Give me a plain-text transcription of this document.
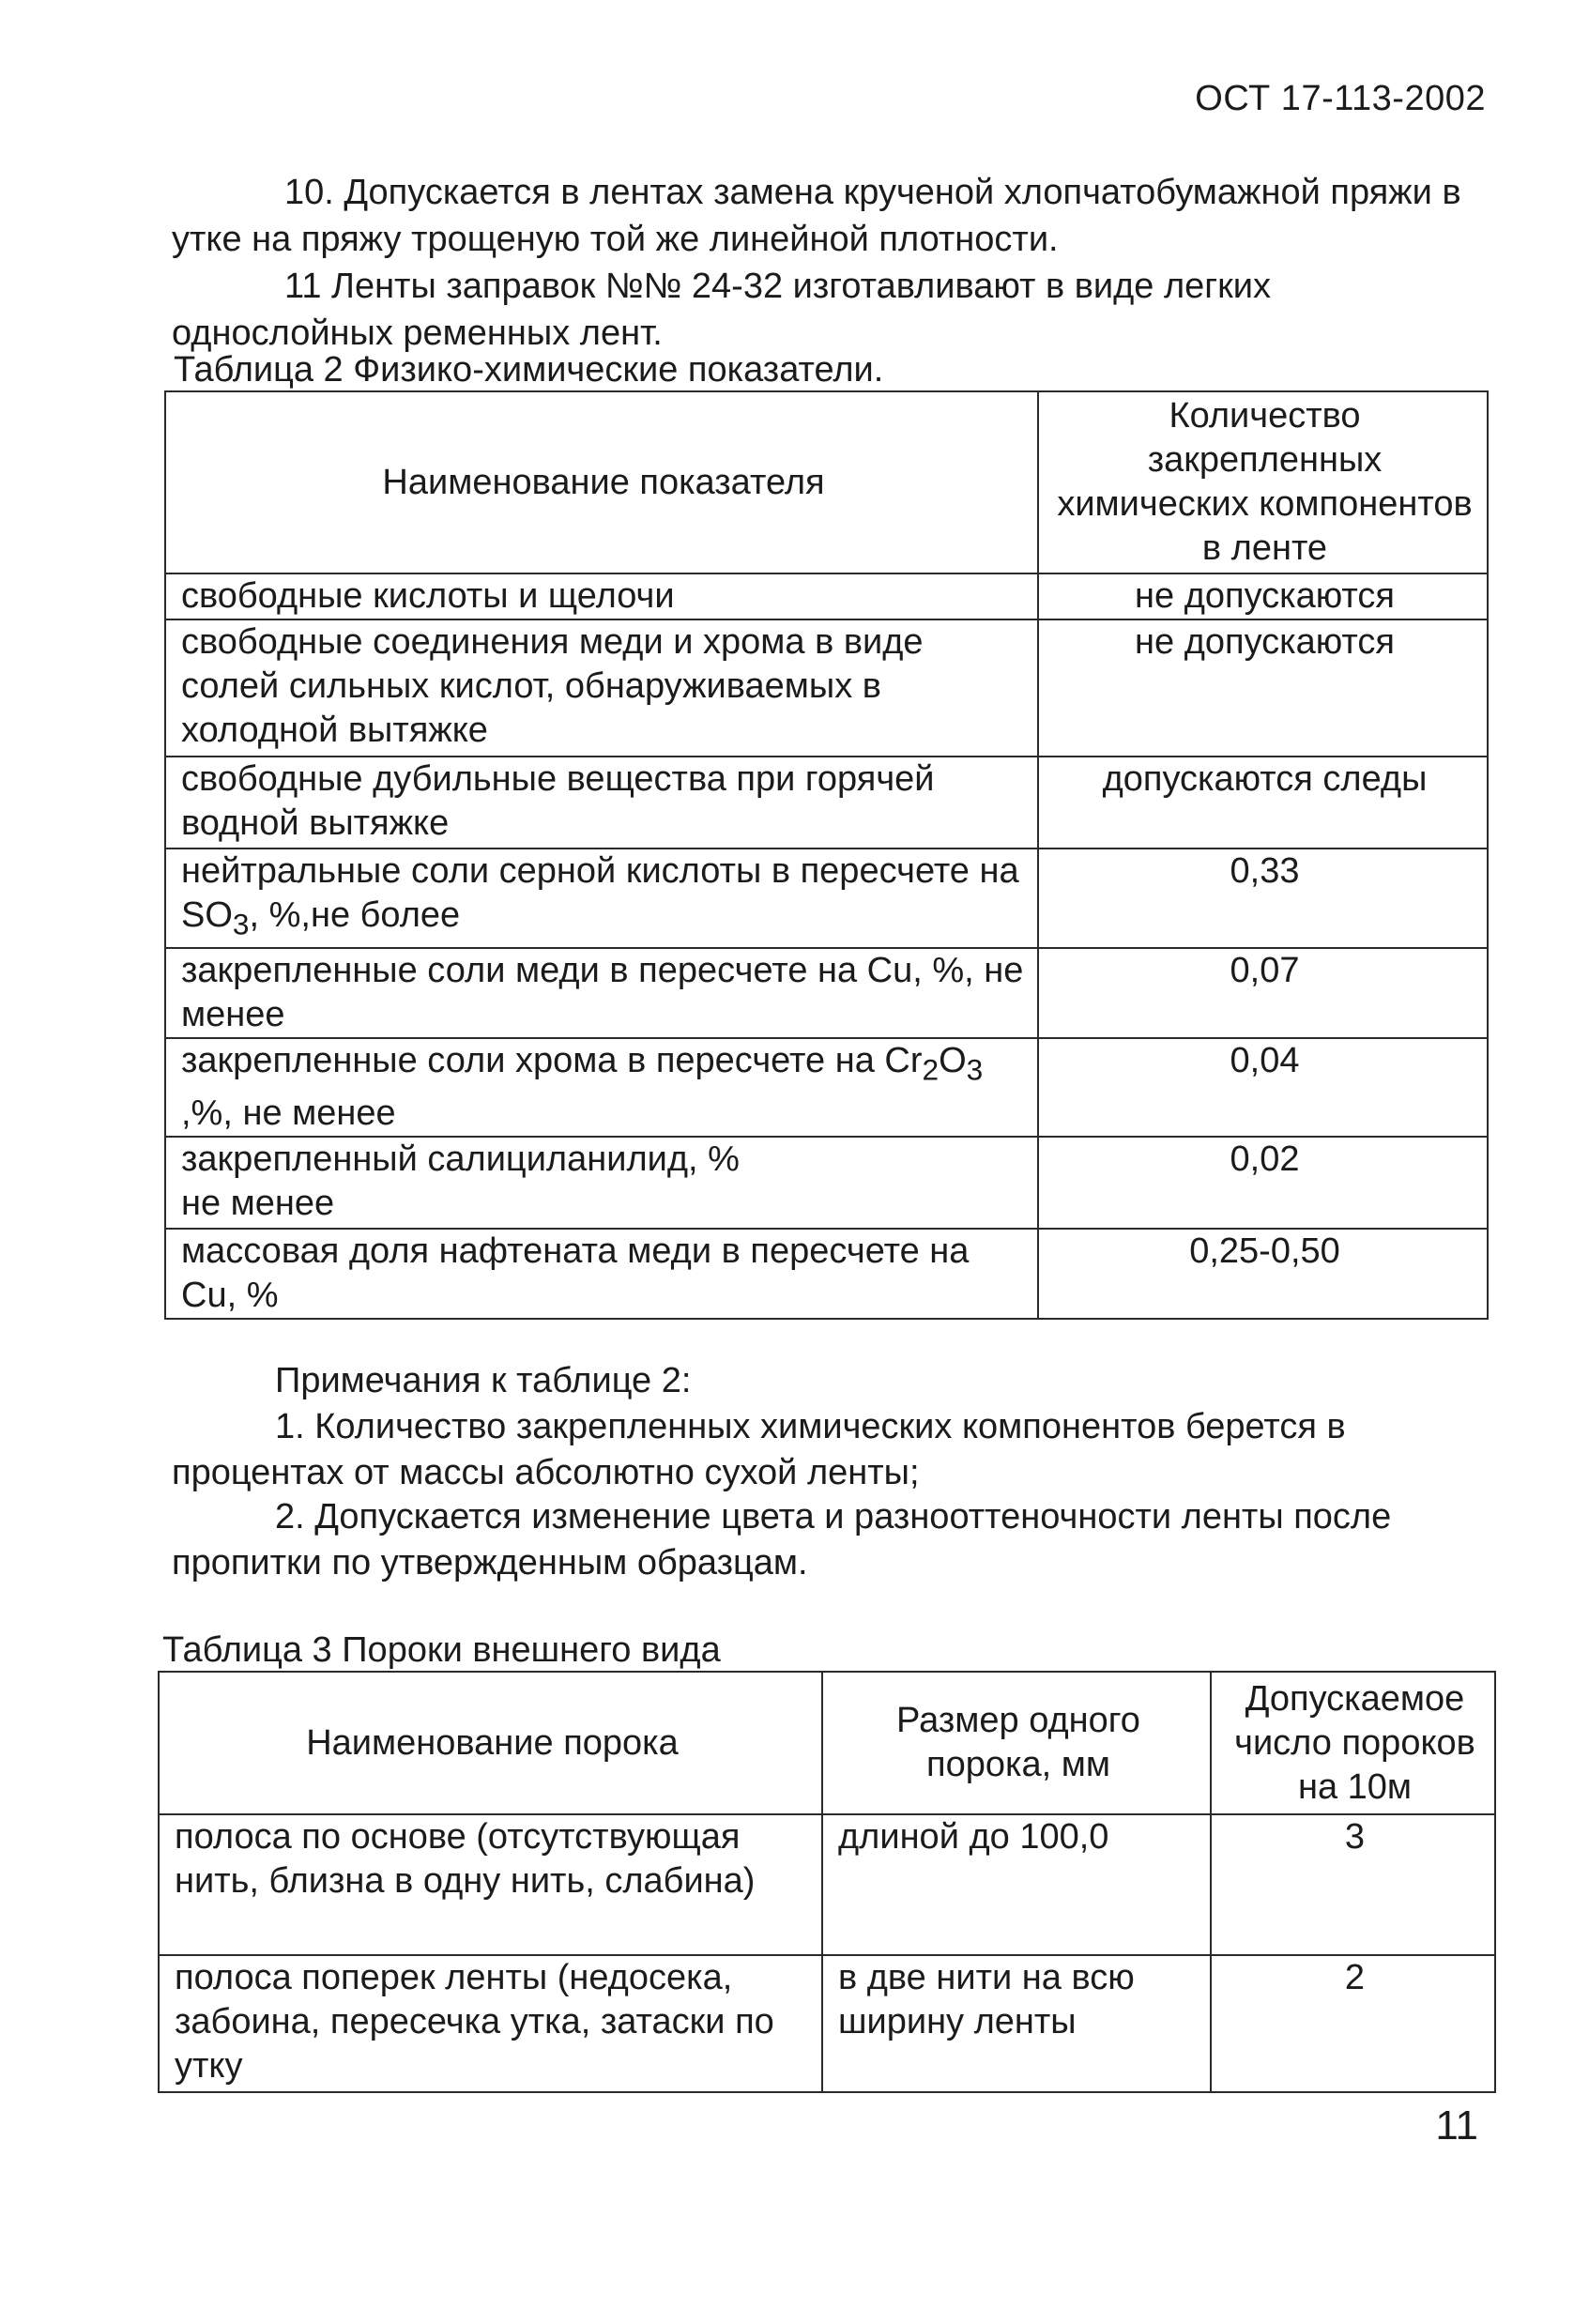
ОСТ 17-113-2002

10. Допускается в лентах замена крученой хлопчатобумажной пряжи в утке на пряжу трощеную той же линейной плотности.

11 Ленты заправок №№ 24-32 изготавливают в виде легких однослойных ременных лент.

Таблица 2 Физико-химические показатели.

Наименование показателя	Количество закрепленных химических компонентов в ленте
свободные кислоты и щелочи	не допускаются
свободные соединения меди и хрома в виде солей сильных кислот, обнаруживаемых в холодной вытяжке	не допускаются
свободные дубильные вещества при горячей водной вытяжке	допускаются следы
нейтральные соли серной кислоты в пересчете на $SO_3$, %,не более	0,33
закрепленные соли меди в пересчете на Cu, %, не менее	0,07
закрепленные соли хрома в пересчете на $Cr_2O_3$ ,%, не менее	0,04

закрепленный салициланилид, %
не менее	0,02
массовая доля нафтената меди в пересчете на Cu, %	0,25-0,50

Примечания к таблице 2:

1. Количество закрепленных химических компонентов берется в процентах от массы абсолютно сухой ленты;

2. Допускается изменение цвета и разнооттеночности ленты после пропитки по утвержденным образцам.

Таблица 3 Пороки внешнего вида

Наименование порока	Размер одного порока, мм	Допускаемое число пороков на 10м
полоса по основе (отсутствующая нить, близна в одну нить, слабина)	длиной до 100,0	3
полоса поперек ленты (недосека, забоина, пересечка утка, затаски по утку	в две нити на всю ширину ленты	2
11
